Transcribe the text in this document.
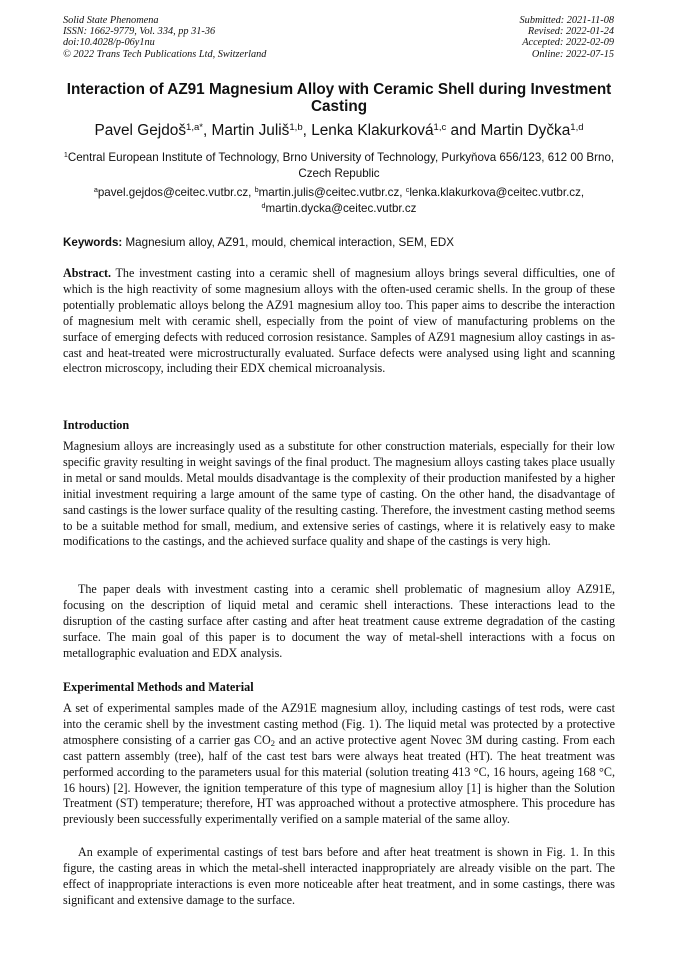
Solid State Phenomena
ISSN: 1662-9779, Vol. 334, pp 31-36
doi:10.4028/p-06y1nu
© 2022 Trans Tech Publications Ltd, Switzerland
Submitted: 2021-11-08
Revised: 2022-01-24
Accepted: 2022-02-09
Online: 2022-07-15
Interaction of AZ91 Magnesium Alloy with Ceramic Shell during Investment Casting
Pavel Gejdoš$^{1,a*}$, Martin Juliš$^{1,b}$, Lenka Klakurková$^{1,c}$ and Martin Dyčka$^{1,d}$
$^1$Central European Institute of Technology, Brno University of Technology, Purkyňova 656/123, 612 00 Brno, Czech Republic
$^a$pavel.gejdos@ceitec.vutbr.cz, $^b$martin.julis@ceitec.vutbr.cz, $^c$lenka.klakurkova@ceitec.vutbr.cz,
$^d$martin.dycka@ceitec.vutbr.cz
Keywords: Magnesium alloy, AZ91, mould, chemical interaction, SEM, EDX
Abstract. The investment casting into a ceramic shell of magnesium alloys brings several difficulties, one of which is the high reactivity of some magnesium alloys with the often-used ceramic shells. In the group of these potentially problematic alloys belong the AZ91 magnesium alloy too. This paper aims to describe the interaction of magnesium melt with ceramic shell, especially from the point of view of manufacturing problems on the surface of emerging defects with reduced corrosion resistance. Samples of AZ91 magnesium alloy castings in as-cast and heat-treated were microstructurally evaluated. Surface defects were analysed using light and scanning electron microscopy, including their EDX chemical microanalysis.
Introduction
Magnesium alloys are increasingly used as a substitute for other construction materials, especially for their low specific gravity resulting in weight savings of the final product. The magnesium alloys casting takes place usually in metal or sand moulds. Metal moulds disadvantage is the complexity of their production manifested by a higher initial investment requiring a large amount of the same type of casting. On the other hand, the disadvantage of sand castings is the lower surface quality of the resulting casting. Therefore, the investment casting method seems to be a suitable method for small, medium, and extensive series of castings, where it is relatively easy to make modifications to the castings, and the achieved surface quality and shape of the castings is very high.
The paper deals with investment casting into a ceramic shell problematic of magnesium alloy AZ91E, focusing on the description of liquid metal and ceramic shell interactions. These interactions lead to the disruption of the casting surface after casting and after heat treatment cause extreme degradation of the casting surface. The main goal of this paper is to document the way of metal-shell interactions with a focus on metallographic evaluation and EDX analysis.
Experimental Methods and Material
A set of experimental samples made of the AZ91E magnesium alloy, including castings of test rods, were cast into the ceramic shell by the investment casting method (Fig. 1). The liquid metal was protected by a protective atmosphere consisting of a carrier gas $CO_2$ and an active protective agent Novec 3M during casting. From each cast pattern assembly (tree), half of the cast test bars were always heat treated (HT). The heat treatment was performed according to the parameters usual for this material (solution treating 413 °C, 16 hours, ageing 168 °C, 16 hours) [2]. However, the ignition temperature of this type of magnesium alloy [1] is higher than the Solution Treatment (ST) temperature; therefore, HT was approached without a protective atmosphere. This procedure has previously been successfully experimentally verified on a sample material of the same alloy.
An example of experimental castings of test bars before and after heat treatment is shown in Fig. 1. In this figure, the casting areas in which the metal-shell interacted inappropriately are already visible on the part. The effect of inappropriate interactions is even more noticeable after heat treatment, and in some castings, there was significant and extensive damage to the surface.
